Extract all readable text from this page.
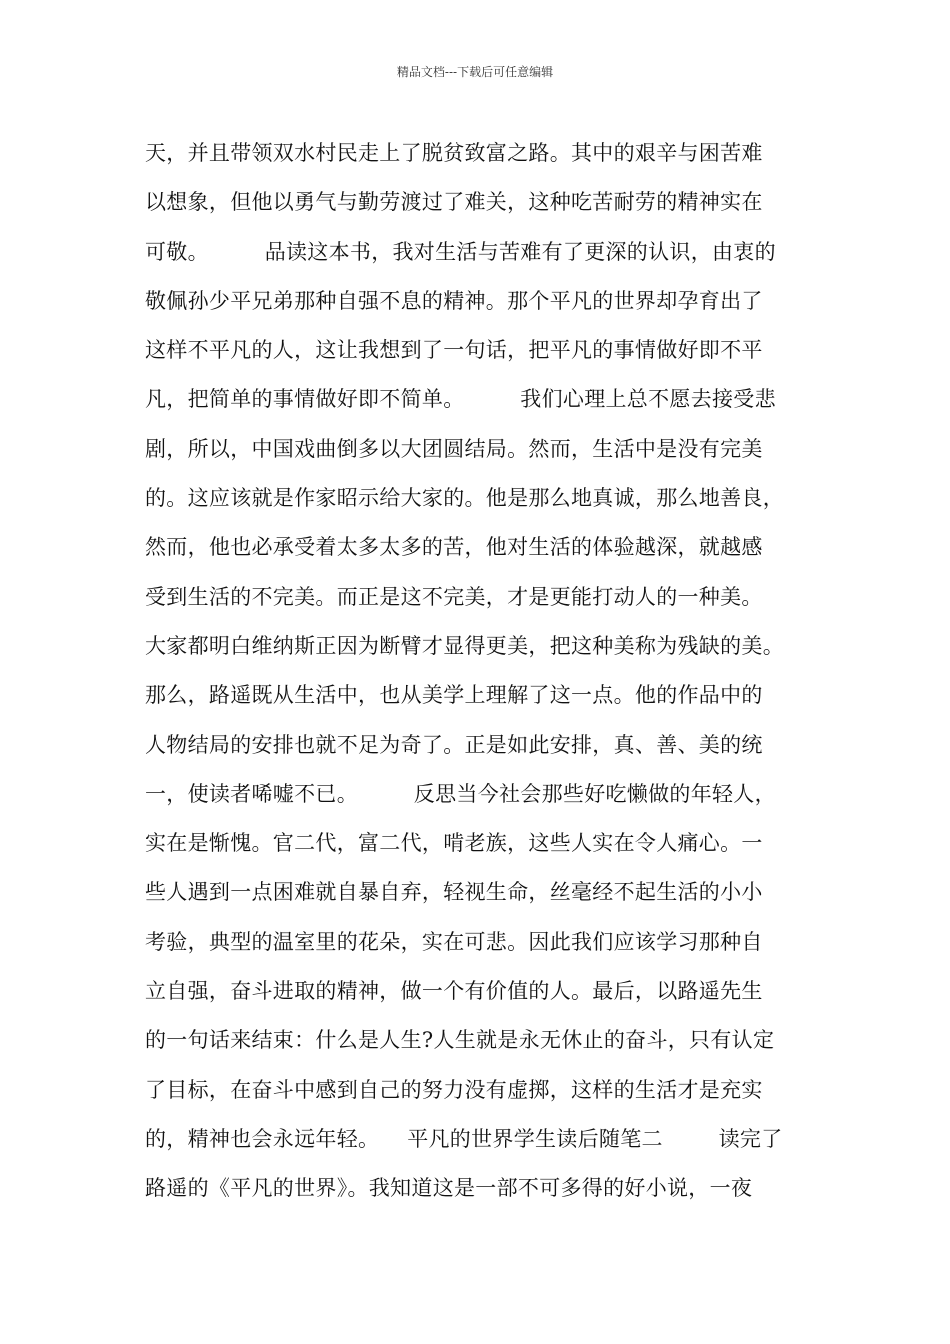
精品文档---下载后可任意编辑
天，并且带领双水村民走上了脱贫致富之路。其中的艰辛与困苦难
以想象，但他以勇气与勤劳渡过了难关，这种吃苦耐劳的精神实在
可敬。        品读这本书，我对生活与苦难有了更深的认识，由衷的
敬佩孙少平兄弟那种自强不息的精神。那个平凡的世界却孕育出了
这样不平凡的人，这让我想到了一句话，把平凡的事情做好即不平
凡，把简单的事情做好即不简单。        我们心理上总不愿去接受悲
剧，所以，中国戏曲倒多以大团圆结局。然而，生活中是没有完美
的。这应该就是作家昭示给大家的。他是那么地真诚，那么地善良，
然而，他也必承受着太多太多的苦，他对生活的体验越深，就越感
受到生活的不完美。而正是这不完美，才是更能打动人的一种美。
大家都明白维纳斯正因为断臂才显得更美，把这种美称为残缺的美。
那么，路遥既从生活中，也从美学上理解了这一点。他的作品中的
人物结局的安排也就不足为奇了。正是如此安排，真、善、美的统
一，使读者唏嘘不已。        反思当今社会那些好吃懒做的年轻人，
实在是惭愧。官二代，富二代，啃老族，这些人实在令人痛心。一
些人遇到一点困难就自暴自弃，轻视生命，丝毫经不起生活的小小
考验，典型的温室里的花朵，实在可悲。因此我们应该学习那种自
立自强，奋斗进取的精神，做一个有价值的人。最后，以路遥先生
的一句话来结束：什么是人生?人生就是永无休止的奋斗，只有认定
了目标，在奋斗中感到自己的努力没有虚掷，这样的生活才是充实
的，精神也会永远年轻。    平凡的世界学生读后随笔二        读完了
路遥的《平凡的世界》。我知道这是一部不可多得的好小说，一夜
